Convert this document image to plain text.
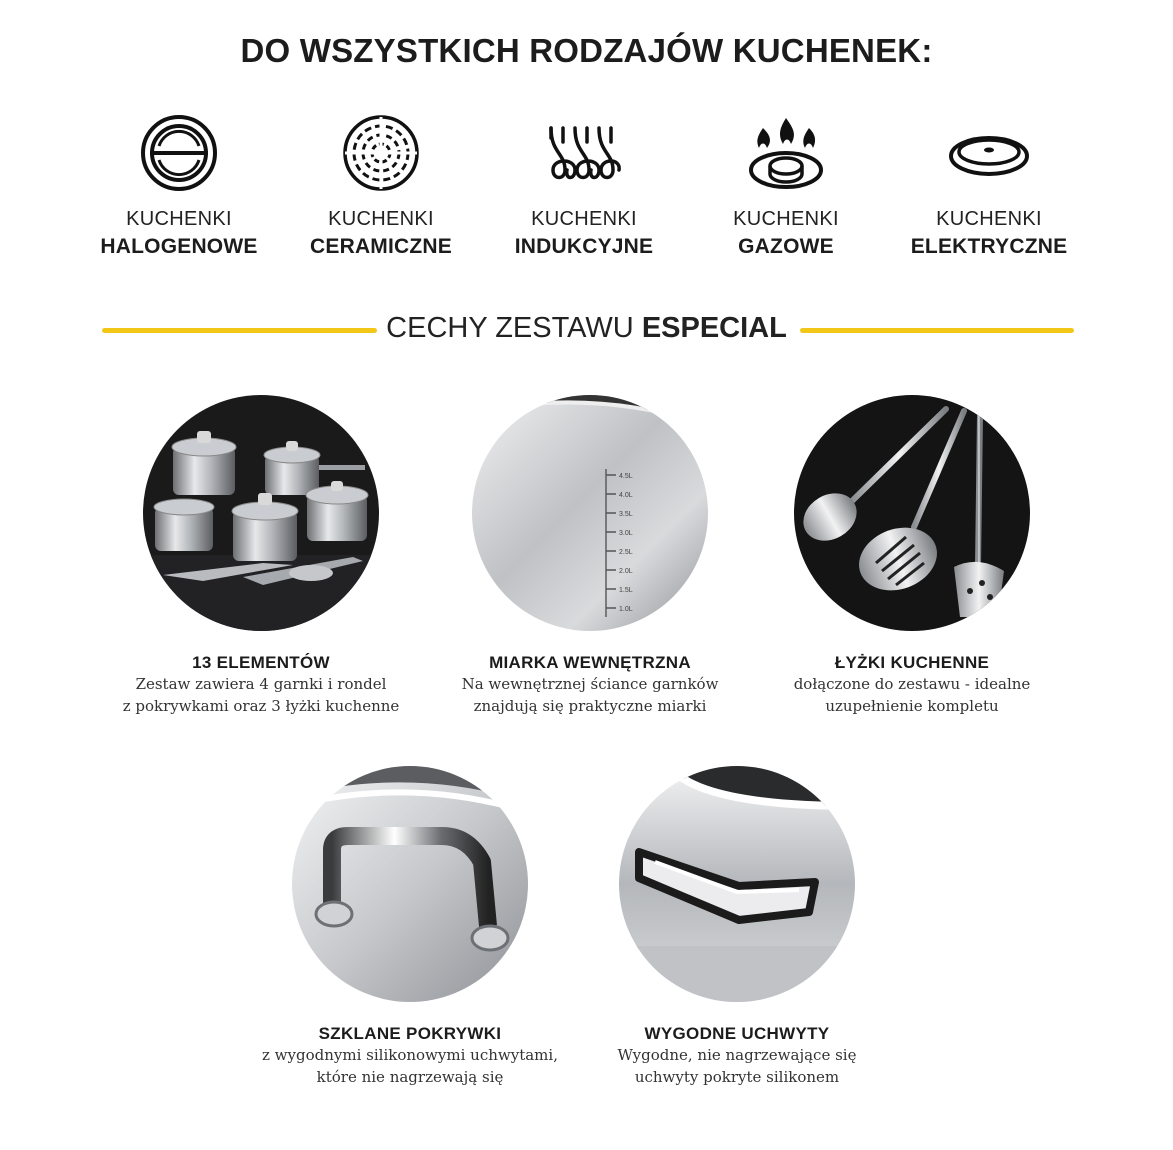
DO WSZYSTKICH RODZAJÓW KUCHENEK:
KUCHENKI
HALOGENOWE
KUCHENKI
CERAMICZNE
KUCHENKI
INDUKCYJNE
KUCHENKI
GAZOWE
KUCHENKI
ELEKTRYCZNE
CECHY ZESTAWU ESPECIAL
13 ELEMENTÓW
Zestaw zawiera 4 garnki i rondel
z pokrywkami oraz 3 łyżki kuchenne
4.5L
4.0L
3.5L
3.0L
2.5L
2.0L
1.5L
1.0L
MIARKA WEWNĘTRZNA
Na wewnętrznej ściance garnków
znajdują się praktyczne miarki
ŁYŻKI KUCHENNE
dołączone do zestawu - idealne
uzupełnienie kompletu
SZKLANE POKRYWKI
z wygodnymi silikonowymi uchwytami,
które nie nagrzewają się
WYGODNE UCHWYTY
Wygodne, nie nagrzewające się
uchwyty pokryte silikonem
